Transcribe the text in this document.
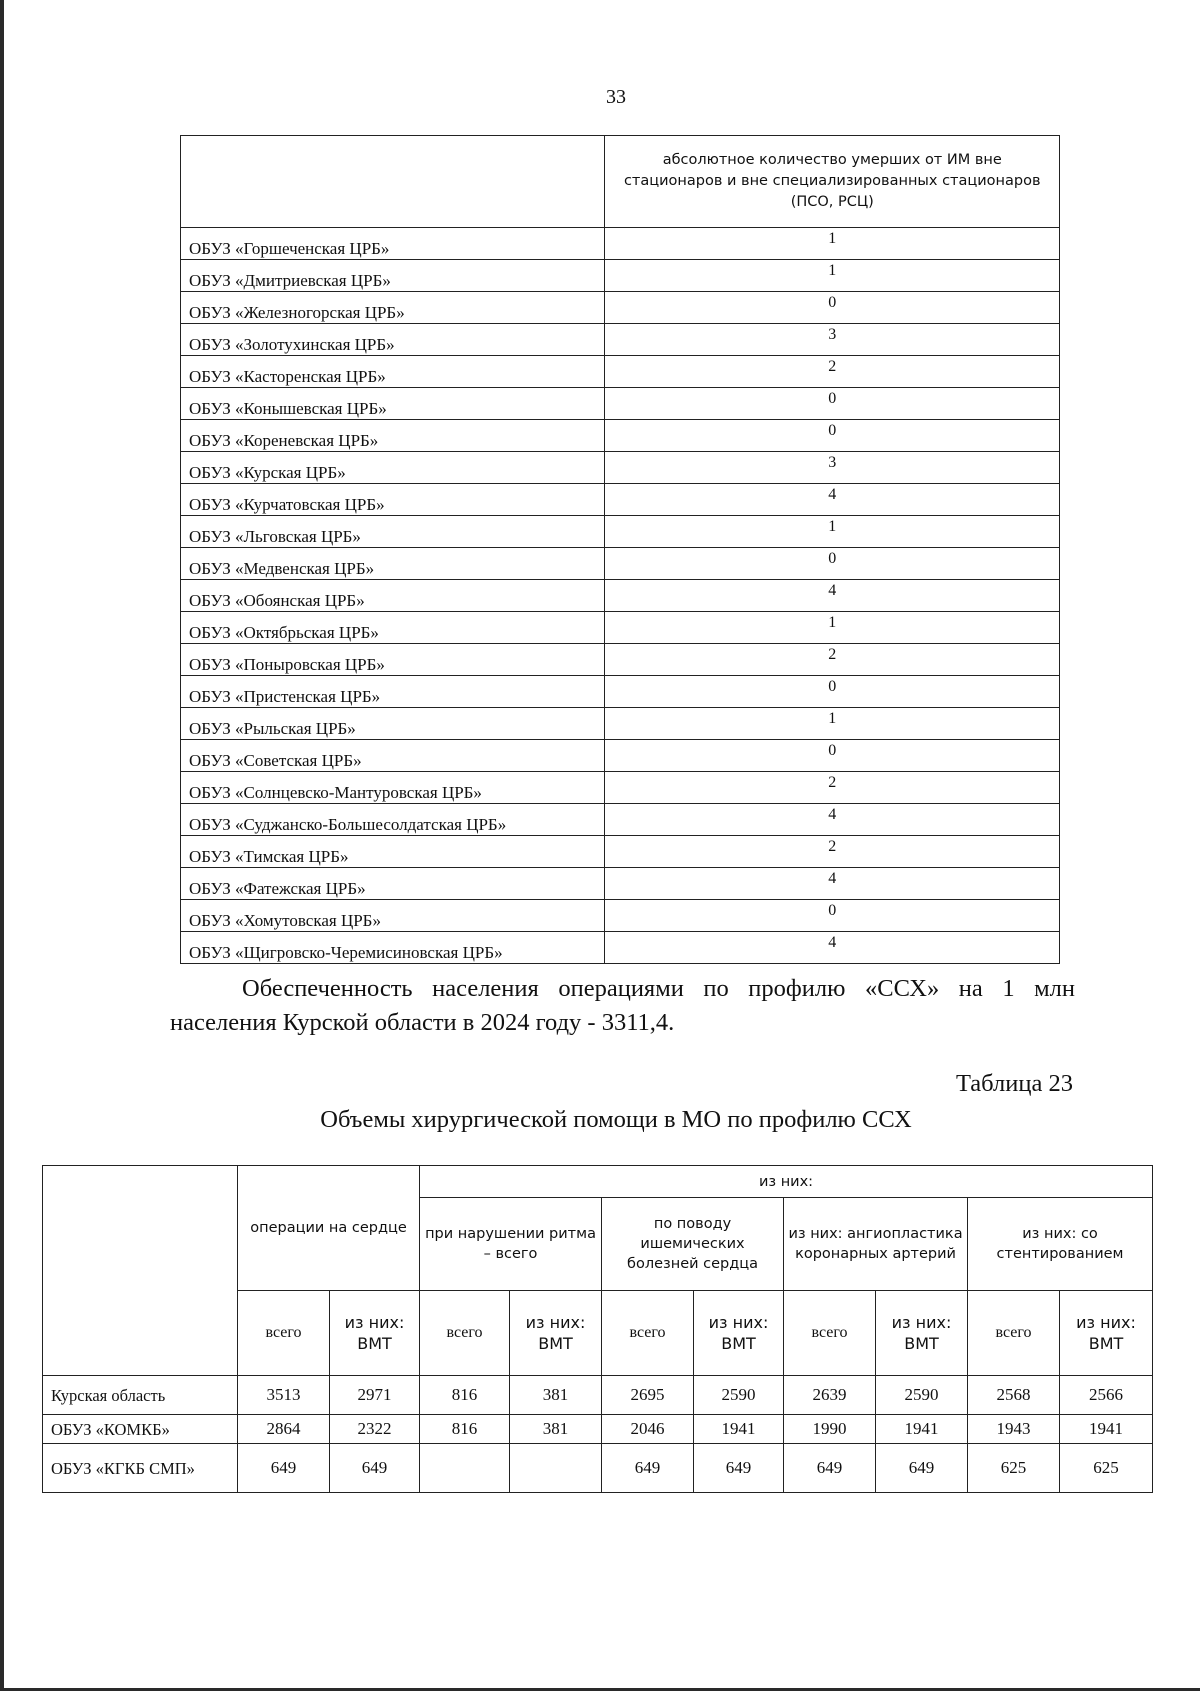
33
	абсолютное количество умерших от ИМ вне стационаров и вне специализированных стационаров (ПСО, РСЦ)
ОБУЗ «Горшеченская ЦРБ»	1
ОБУЗ «Дмитриевская ЦРБ»	1
ОБУЗ «Железногорская ЦРБ»	0
ОБУЗ «Золотухинская ЦРБ»	3
ОБУЗ «Касторенская ЦРБ»	2
ОБУЗ «Конышевская ЦРБ»	0
ОБУЗ «Кореневская ЦРБ»	0
ОБУЗ «Курская ЦРБ»	3
ОБУЗ «Курчатовская ЦРБ»	4
ОБУЗ «Льговская ЦРБ»	1
ОБУЗ «Медвенская ЦРБ»	0
ОБУЗ «Обоянская ЦРБ»	4
ОБУЗ «Октябрьская ЦРБ»	1
ОБУЗ «Поныровская ЦРБ»	2
ОБУЗ «Пристенская ЦРБ»	0
ОБУЗ «Рыльская ЦРБ»	1
ОБУЗ «Советская ЦРБ»	0
ОБУЗ «Солнцевско-Мантуровская ЦРБ»	2
ОБУЗ «Суджанско-Большесолдатская ЦРБ»	4
ОБУЗ «Тимская ЦРБ»	2
ОБУЗ «Фатежская ЦРБ»	4
ОБУЗ «Хомутовская ЦРБ»	0
ОБУЗ «Щигровско-Черемисиновская ЦРБ»	4
Обеспеченность населения операциями по профилю «ССХ» на 1 млн населения Курской области в 2024 году - 3311,4.
Таблица 23
Объемы хирургической помощи в МО по профилю ССХ
	операции на сердце		из них:							
			при нарушении ритма – всего		по поводу ишемических болезней сердца		из них: ангиопластика коронарных артерий		из них: со стентированием	
	всего	из них: ВМТ	всего	из них: ВМТ	всего	из них: ВМТ	всего	из них: ВМТ	всего	из них: ВМТ
Курская область	3513	2971	816	381	2695	2590	2639	2590	2568	2566
ОБУЗ «КОМКБ»	2864	2322	816	381	2046	1941	1990	1941	1943	1941
ОБУЗ «КГКБ СМП»	649	649			649	649	649	649	625	625
